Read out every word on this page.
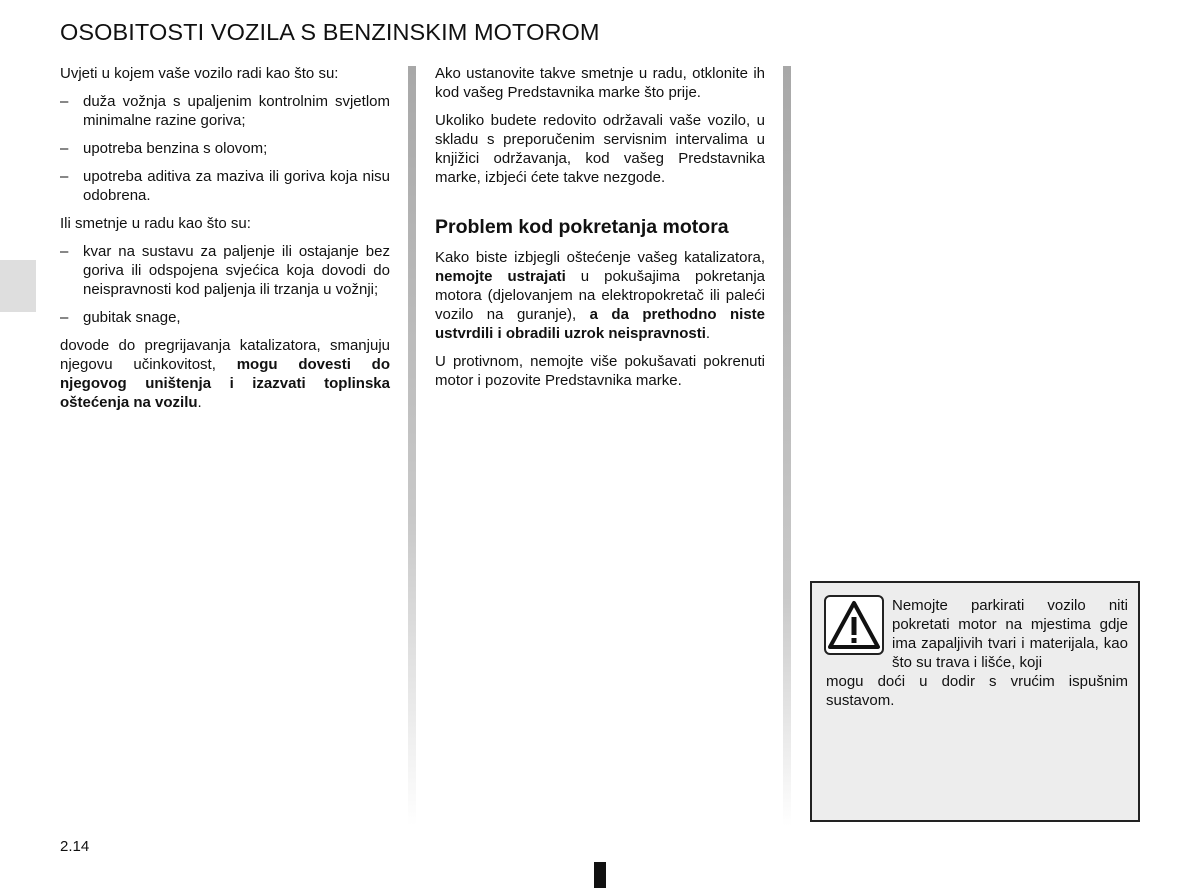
OSOBITOSTI VOZILA S BENZINSKIM MOTOROM

Uvjeti u kojem vaše vozilo radi kao što su:

– duža vožnja s upaljenim kontrolnim svjetlom minimalne razine goriva;
– upotreba benzina s olovom;
– upotreba aditiva za maziva ili goriva koja nisu odobrena.

Ili smetnje u radu kao što su:

– kvar na sustavu za paljenje ili ostajanje bez goriva ili odspojena svjećica koja dovodi do neispravnosti kod paljenja ili trzanja u vožnji;
– gubitak snage,

dovode do pregrijavanja katalizatora, smanjuju njegovu učinkovitost, mogu dovesti do njegovog uništenja i izazvati toplinska oštećenja na vozilu.

Ako ustanovite takve smetnje u radu, otklonite ih kod vašeg Predstavnika marke što prije.

Ukoliko budete redovito održavali vaše vozilo, u skladu s preporučenim servisnim intervalima u knjižici održavanja, kod vašeg Predstavnika marke, izbjeći ćete takve nezgode.

Problem kod pokretanja motora

Kako biste izbjegli oštećenje vašeg katalizatora, nemojte ustrajati u pokušajima pokretanja motora (djelovanjem na elektropokretač ili paleći vozilo na guranje), a da prethodno niste ustvrdili i obradili uzrok neispravnosti.

U protivnom, nemojte više pokušavati pokrenuti motor i pozovite Predstavnika marke.

Nemojte parkirati vozilo niti pokretati motor na mjestima gdje ima zapaljivih tvari i materijala, kao što su trava i lišće, koji
mogu doći u dodir s vrućim ispušnim sustavom.
2.14
